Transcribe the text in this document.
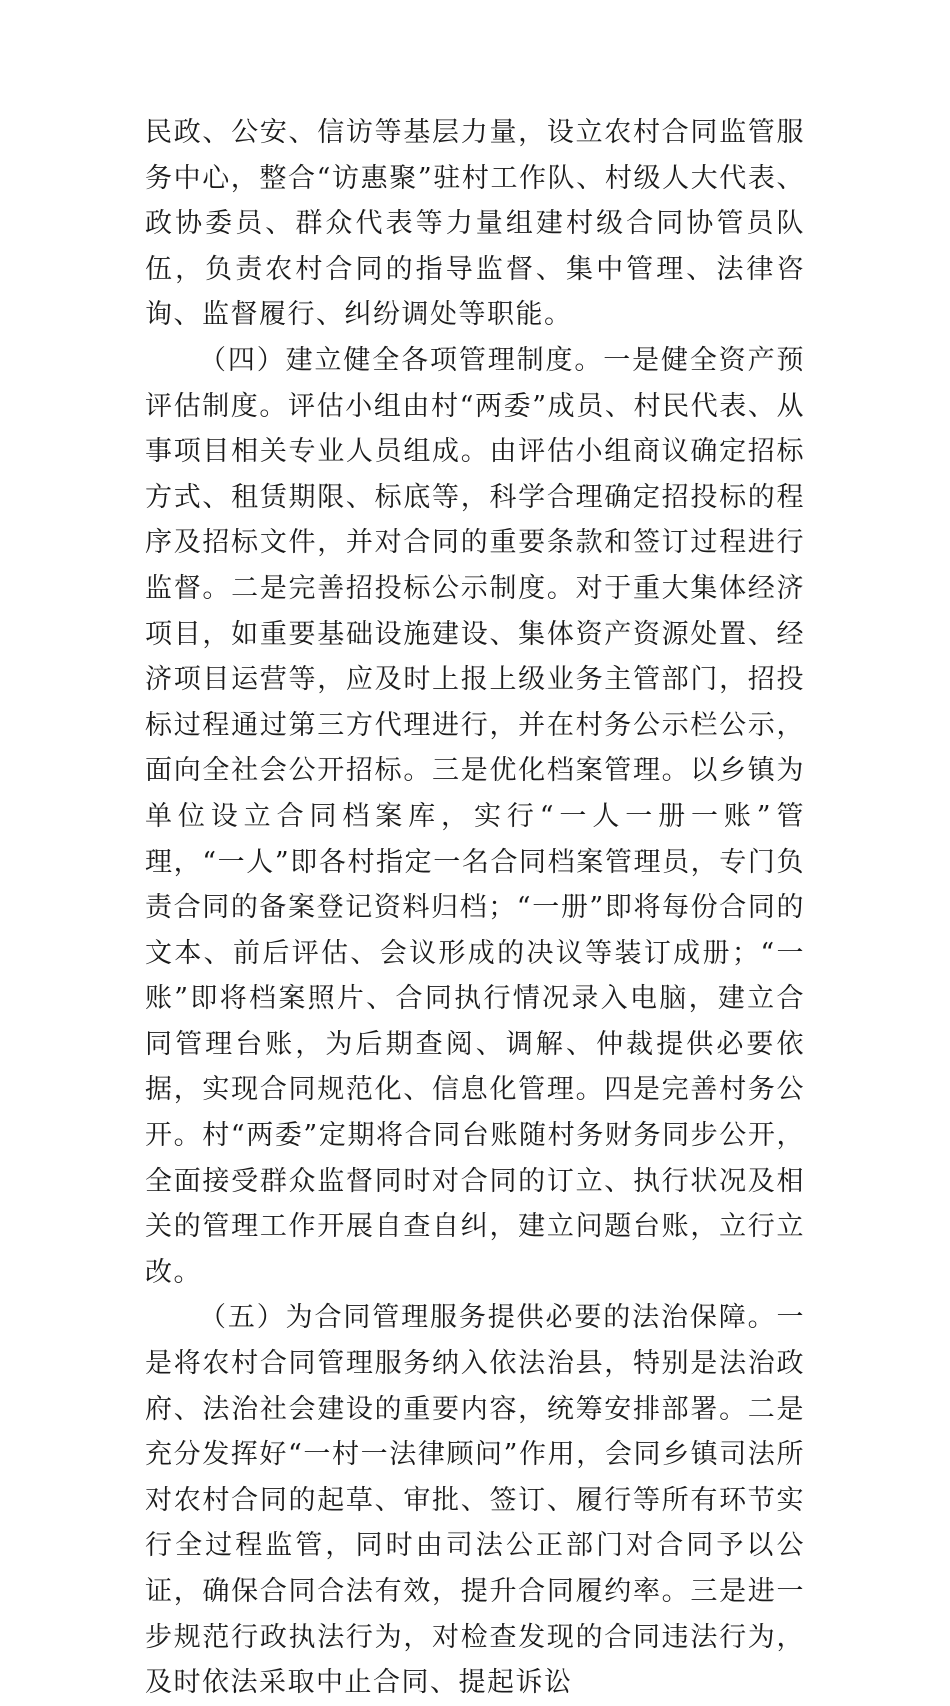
民政、公安、信访等基层力量，设立农村合同监管服务中心，整合“访惠聚”驻村工作队、村级人大代表、政协委员、群众代表等力量组建村级合同协管员队伍，负责农村合同的指导监督、集中管理、法律咨询、监督履行、纠纷调处等职能。

（四）建立健全各项管理制度。一是健全资产预评估制度。评估小组由村“两委”成员、村民代表、从事项目相关专业人员组成。由评估小组商议确定招标方式、租赁期限、标底等，科学合理确定招投标的程序及招标文件，并对合同的重要条款和签订过程进行监督。二是完善招投标公示制度。对于重大集体经济项目，如重要基础设施建设、集体资产资源处置、经济项目运营等，应及时上报上级业务主管部门，招投标过程通过第三方代理进行，并在村务公示栏公示，面向全社会公开招标。三是优化档案管理。以乡镇为单位设立合同档案库，实行“一人一册一账”管理，“一人”即各村指定一名合同档案管理员，专门负责合同的备案登记资料归档；“一册”即将每份合同的文本、前后评估、会议形成的决议等装订成册；“一账”即将档案照片、合同执行情况录入电脑，建立合同管理台账，为后期查阅、调解、仲裁提供必要依据，实现合同规范化、信息化管理。四是完善村务公开。村“两委”定期将合同台账随村务财务同步公开，全面接受群众监督同时对合同的订立、执行状况及相关的管理工作开展自查自纠，建立问题台账，立行立改。

（五）为合同管理服务提供必要的法治保障。一是将农村合同管理服务纳入依法治县，特别是法治政府、法治社会建设的重要内容，统筹安排部署。二是充分发挥好“一村一法律顾问”作用，会同乡镇司法所对农村合同的起草、审批、签订、履行等所有环节实行全过程监管，同时由司法公正部门对合同予以公证，确保合同合法有效，提升合同履约率。三是进一步规范行政执法行为，对检查发现的合同违法行为，及时依法采取中止合同、提起诉讼
